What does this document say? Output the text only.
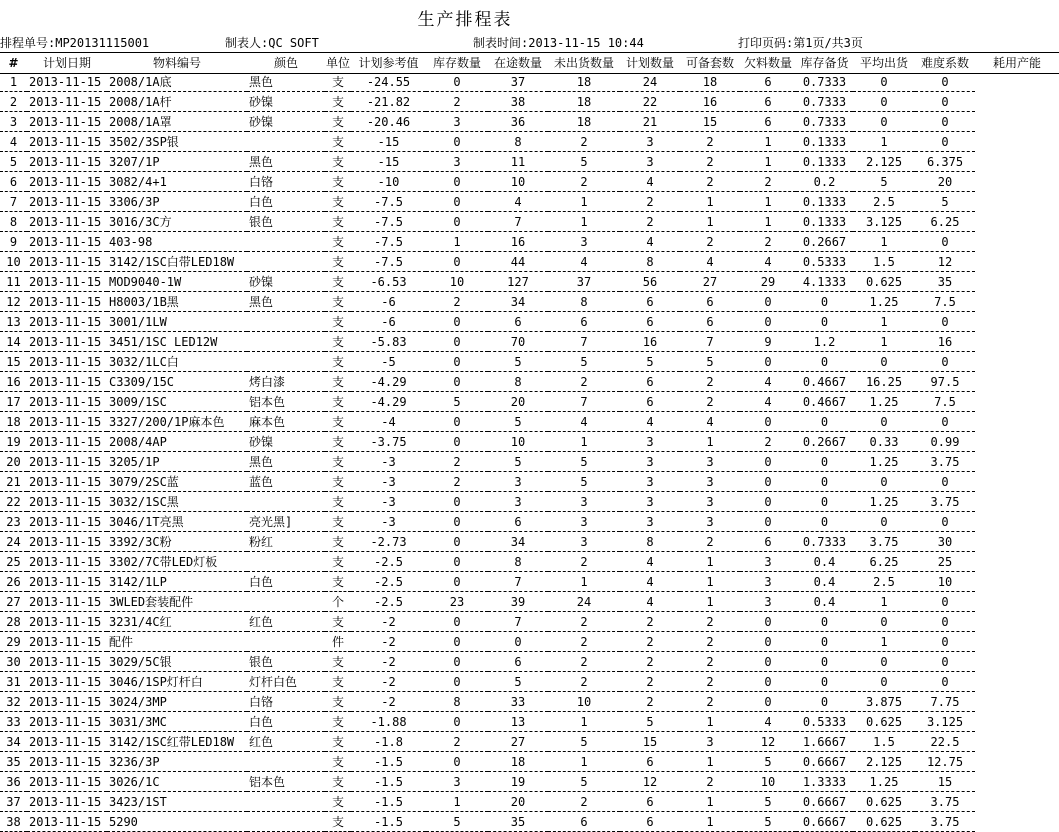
生产排程表
排程单号:MP20131115001	制表人:QC SOFT	制表时间:2013-11-15 10:44	打印页码:第1页/共3页
#	计划日期	物料编号	颜色	单位	计划参考值	库存数量	在途数量	未出货数量	计划数量	可备套数	欠料数量	库存备货	平均出货	难度系数	耗用产能
1	2013-11-15	2008/1A底	黑色	支	-24.55	0	37	18	24	18	6	0.7333	0	0	
2	2013-11-15	2008/1A杆	砂镍	支	-21.82	2	38	18	22	16	6	0.7333	0	0	
3	2013-11-15	2008/1A罩	砂镍	支	-20.46	3	36	18	21	15	6	0.7333	0	0	
4	2013-11-15	3502/3SP银		支	-15	0	8	2	3	2	1	0.1333	1	0	
5	2013-11-15	3207/1P	黑色	支	-15	3	11	5	3	2	1	0.1333	2.125	6.375	
6	2013-11-15	3082/4+1	白铬	支	-10	0	10	2	4	2	2	0.2	5	20	
7	2013-11-15	3306/3P	白色	支	-7.5	0	4	1	2	1	1	0.1333	2.5	5	
8	2013-11-15	3016/3C方	银色	支	-7.5	0	7	1	2	1	1	0.1333	3.125	6.25	
9	2013-11-15	403-98		支	-7.5	1	16	3	4	2	2	0.2667	1	0	
10	2013-11-15	3142/1SC白带LED18W		支	-7.5	0	44	4	8	4	4	0.5333	1.5	12	
11	2013-11-15	MOD9040-1W	砂镍	支	-6.53	10	127	37	56	27	29	4.1333	0.625	35	
12	2013-11-15	H8003/1B黑	黑色	支	-6	2	34	8	6	6	0	0	1.25	7.5	
13	2013-11-15	3001/1LW		支	-6	0	6	6	6	6	0	0	1	0	
14	2013-11-15	3451/1SC LED12W		支	-5.83	0	70	7	16	7	9	1.2	1	16	
15	2013-11-15	3032/1LC白		支	-5	0	5	5	5	5	0	0	0	0	
16	2013-11-15	C3309/15C	烤白漆	支	-4.29	0	8	2	6	2	4	0.4667	16.25	97.5	
17	2013-11-15	3009/1SC	铝本色	支	-4.29	5	20	7	6	2	4	0.4667	1.25	7.5	
18	2013-11-15	3327/200/1P麻本色	麻本色	支	-4	0	5	4	4	4	0	0	0	0	
19	2013-11-15	2008/4AP	砂镍	支	-3.75	0	10	1	3	1	2	0.2667	0.33	0.99	
20	2013-11-15	3205/1P	黑色	支	-3	2	5	5	3	3	0	0	1.25	3.75	
21	2013-11-15	3079/2SC蓝	蓝色	支	-3	2	3	5	3	3	0	0	0	0	
22	2013-11-15	3032/1SC黑		支	-3	0	3	3	3	3	0	0	1.25	3.75	
23	2013-11-15	3046/1T亮黑	亮光黑]	支	-3	0	6	3	3	3	0	0	0	0	
24	2013-11-15	3392/3C粉	粉红	支	-2.73	0	34	3	8	2	6	0.7333	3.75	30	
25	2013-11-15	3302/7C带LED灯板		支	-2.5	0	8	2	4	1	3	0.4	6.25	25	
26	2013-11-15	3142/1LP	白色	支	-2.5	0	7	1	4	1	3	0.4	2.5	10	
27	2013-11-15	3WLED套装配件		个	-2.5	23	39	24	4	1	3	0.4	1	0	
28	2013-11-15	3231/4C红	红色	支	-2	0	7	2	2	2	0	0	0	0	
29	2013-11-15	配件		件	-2	0	0	2	2	2	0	0	1	0	
30	2013-11-15	3029/5C银	银色	支	-2	0	6	2	2	2	0	0	0	0	
31	2013-11-15	3046/1SP灯杆白	灯杆白色	支	-2	0	5	2	2	2	0	0	0	0	
32	2013-11-15	3024/3MP	白铬	支	-2	8	33	10	2	2	0	0	3.875	7.75	
33	2013-11-15	3031/3MC	白色	支	-1.88	0	13	1	5	1	4	0.5333	0.625	3.125	
34	2013-11-15	3142/1SC红带LED18W	红色	支	-1.8	2	27	5	15	3	12	1.6667	1.5	22.5	
35	2013-11-15	3236/3P		支	-1.5	0	18	1	6	1	5	0.6667	2.125	12.75	
36	2013-11-15	3026/1C	铝本色	支	-1.5	3	19	5	12	2	10	1.3333	1.25	15	
37	2013-11-15	3423/1ST		支	-1.5	1	20	2	6	1	5	0.6667	0.625	3.75	
38	2013-11-15	5290		支	-1.5	5	35	6	6	1	5	0.6667	0.625	3.75	
